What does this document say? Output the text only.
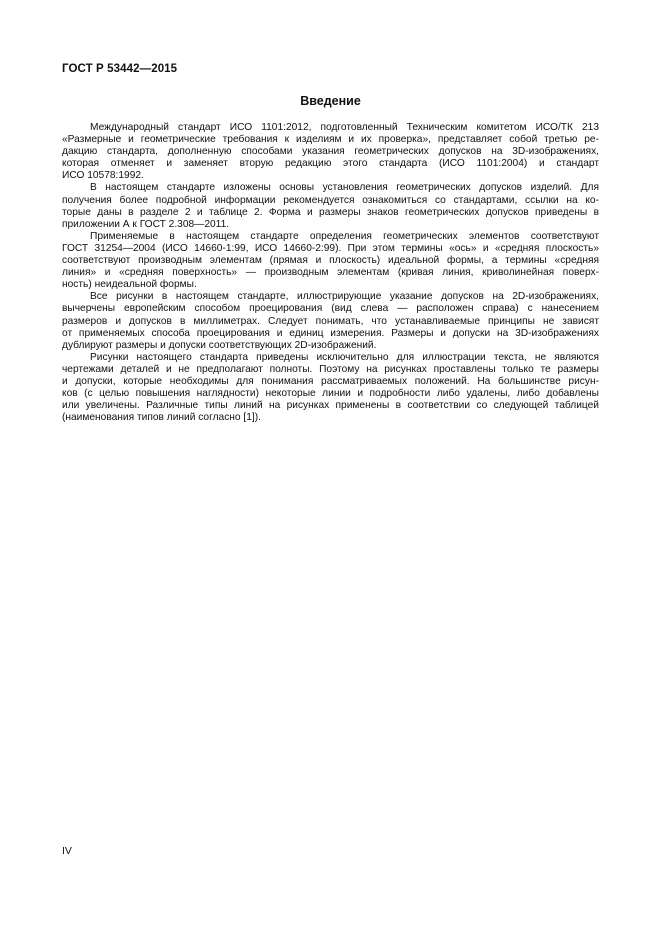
ГОСТ Р 53442—2015
Введение
Международный стандарт ИСО 1101:2012, подготовленный Техническим комитетом ИСО/ТК 213
«Размерные и геометрические требования к изделиям и их проверка», представляет собой третью ре-
дакцию стандарта, дополненную способами указания геометрических допусков на 3D-изображениях,
которая отменяет и заменяет вторую редакцию этого стандарта (ИСО 1101:2004) и стандарт
ИСО 10578:1992.
В настоящем стандарте изложены основы установления геометрических допусков изделий. Для
получения более подробной информации рекомендуется ознакомиться со стандартами, ссылки на ко-
торые даны в разделе 2 и таблице 2. Форма и размеры знаков геометрических допусков приведены в
приложении А к ГОСТ 2.308—2011.
Применяемые в настоящем стандарте определения геометрических элементов соответствуют
ГОСТ 31254—2004 (ИСО 14660-1:99, ИСО 14660-2:99). При этом термины «ось» и «средняя плоскость»
соответствуют производным элементам (прямая и плоскость) идеальной формы, а термины «средняя
линия» и «средняя поверхность» — производным элементам (кривая линия, криволинейная поверх-
ность) неидеальной формы.
Все рисунки в настоящем стандарте, иллюстрирующие указание допусков на 2D-изображениях,
вычерчены европейским способом проецирования (вид слева — расположен справа) с нанесением
размеров и допусков в миллиметрах. Следует понимать, что устанавливаемые принципы не зависят
от применяемых способа проецирования и единиц измерения. Размеры и допуски на 3D-изображениях
дублируют размеры и допуски соответствующих 2D-изображений.
Рисунки настоящего стандарта приведены исключительно для иллюстрации текста, не являются
чертежами деталей и не предполагают полноты. Поэтому на рисунках проставлены только те размеры
и допуски, которые необходимы для понимания рассматриваемых положений. На большинстве рисун-
ков (с целью повышения наглядности) некоторые линии и подробности либо удалены, либо добавлены
или увеличены. Различные типы линий на рисунках применены в соответствии со следующей таблицей
(наименования типов линий согласно [1]).
IV
